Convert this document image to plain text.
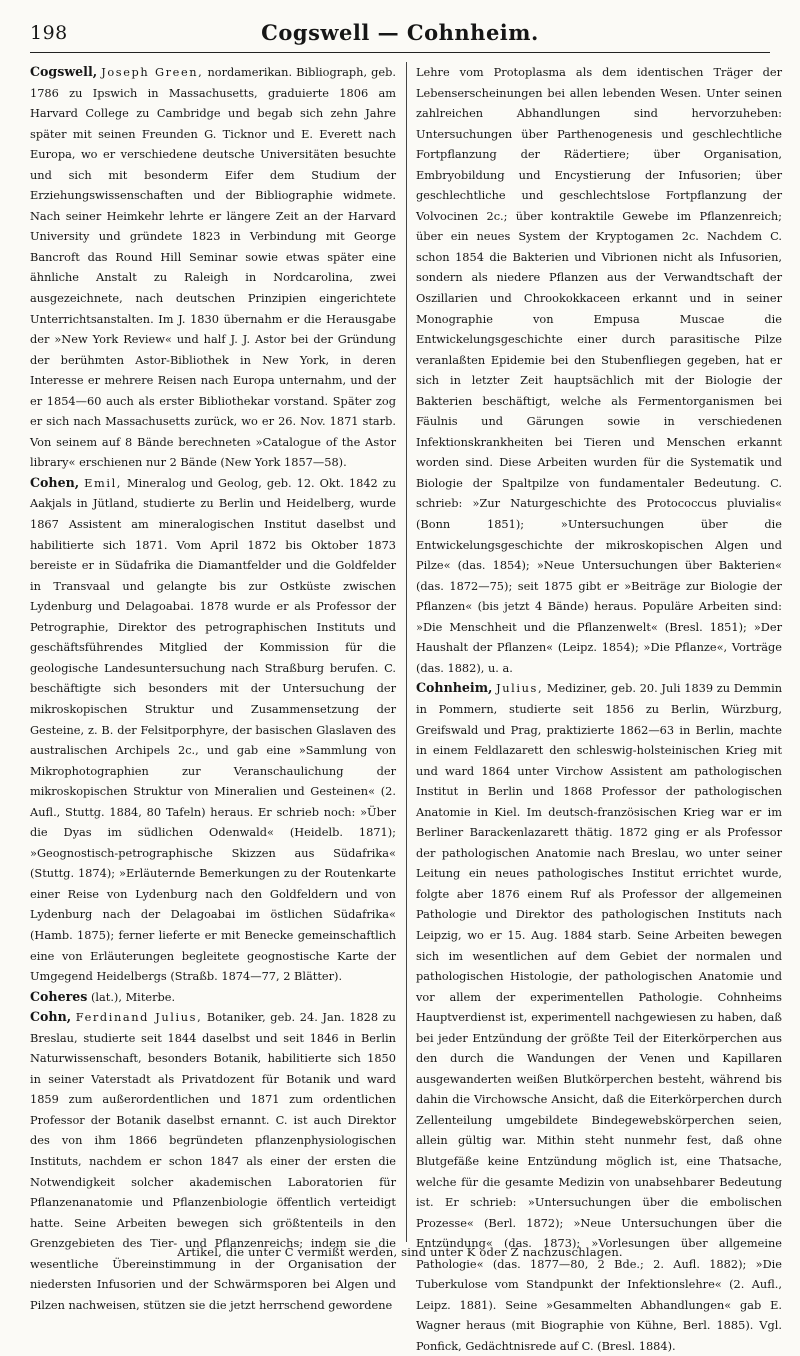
198	Cogswell — Cohnheim.

Cogswell, Joseph Green, nordamerikan. Bibliograph, geb. 1786 zu Ipswich in Massachusetts, graduierte 1806 am Harvard College zu Cambridge und begab sich zehn Jahre später mit seinen Freunden G. Ticknor und E. Everett nach Europa, wo er verschiedene deutsche Universitäten besuchte und sich mit besonderm Eifer dem Studium der Erziehungswissenschaften und der Bibliographie widmete. Nach seiner Heimkehr lehrte er längere Zeit an der Harvard University und gründete 1823 in Verbindung mit George Bancroft das Round Hill Seminar sowie etwas später eine ähnliche Anstalt zu Raleigh in Nordcarolina, zwei ausgezeichnete, nach deutschen Prinzipien eingerichtete Unterrichtsanstalten. Im J. 1830 übernahm er die Herausgabe der »New York Review« und half J. J. Astor bei der Gründung der berühmten Astor-Bibliothek in New York, in deren Interesse er mehrere Reisen nach Europa unternahm, und der er 1854—60 auch als erster Bibliothekar vorstand. Später zog er sich nach Massachusetts zurück, wo er 26. Nov. 1871 starb. Von seinem auf 8 Bände berechneten »Catalogue of the Astor library« erschienen nur 2 Bände (New York 1857—58).

Cohen, Emil, Mineralog und Geolog, geb. 12. Okt. 1842 zu Aakjals in Jütland, studierte zu Berlin und Heidelberg, wurde 1867 Assistent am mineralogischen Institut daselbst und habilitierte sich 1871. Vom April 1872 bis Oktober 1873 bereiste er in Südafrika die Diamantfelder und die Goldfelder in Transvaal und gelangte bis zur Ostküste zwischen Lydenburg und Delagoabai. 1878 wurde er als Professor der Petrographie, Direktor des petrographischen Instituts und geschäftsführendes Mitglied der Kommission für die geologische Landesuntersuchung nach Straßburg berufen. C. beschäftigte sich besonders mit der Untersuchung der mikroskopischen Struktur und Zusammensetzung der Gesteine, z. B. der Felsitporphyre, der basischen Glaslaven des australischen Archipels 2c., und gab eine »Sammlung von Mikrophotographien zur Veranschaulichung der mikroskopischen Struktur von Mineralien und Gesteinen« (2. Aufl., Stuttg. 1884, 80 Tafeln) heraus. Er schrieb noch: »Über die Dyas im südlichen Odenwald« (Heidelb. 1871); »Geognostisch-petrographische Skizzen aus Südafrika« (Stuttg. 1874); »Erläuternde Bemerkungen zu der Routenkarte einer Reise von Lydenburg nach den Goldfeldern und von Lydenburg nach der Delagoabai im östlichen Südafrika« (Hamb. 1875); ferner lieferte er mit Benecke gemeinschaftlich eine von Erläuterungen begleitete geognostische Karte der Umgegend Heidelbergs (Straßb. 1874—77, 2 Blätter).

Coheres (lat.), Miterbe.

Cohn, Ferdinand Julius, Botaniker, geb. 24. Jan. 1828 zu Breslau, studierte seit 1844 daselbst und seit 1846 in Berlin Naturwissenschaft, besonders Botanik, habilitierte sich 1850 in seiner Vaterstadt als Privatdozent für Botanik und ward 1859 zum außerordentlichen und 1871 zum ordentlichen Professor der Botanik daselbst ernannt. C. ist auch Direktor des von ihm 1866 begründeten pflanzenphysiologischen Instituts, nachdem er schon 1847 als einer der ersten die Notwendigkeit solcher akademischen Laboratorien für Pflanzenanatomie und Pflanzenbiologie öffentlich verteidigt hatte. Seine Arbeiten bewegen sich größtenteils in den Grenzgebieten des Tier- und Pflanzenreichs; indem sie die wesentliche Übereinstimmung in der Organisation der niedersten Infusorien und der Schwärmsporen bei Algen und Pilzen nachweisen, stützen sie die jetzt herrschend gewordene

Lehre vom Protoplasma als dem identischen Träger der Lebenserscheinungen bei allen lebenden Wesen. Unter seinen zahlreichen Abhandlungen sind hervorzuheben: Untersuchungen über Parthenogenesis und geschlechtliche Fortpflanzung der Rädertiere; über Organisation, Embryobildung und Encystierung der Infusorien; über geschlechtliche und geschlechtslose Fortpflanzung der Volvocinen 2c.; über kontraktile Gewebe im Pflanzenreich; über ein neues System der Kryptogamen 2c. Nachdem C. schon 1854 die Bakterien und Vibrionen nicht als Infusorien, sondern als niedere Pflanzen aus der Verwandtschaft der Oszillarien und Chrookokkaceen erkannt und in seiner Monographie von Empusa Muscae die Entwickelungsgeschichte einer durch parasitische Pilze veranlaßten Epidemie bei den Stubenfliegen gegeben, hat er sich in letzter Zeit hauptsächlich mit der Biologie der Bakterien beschäftigt, welche als Fermentorganismen bei Fäulnis und Gärungen sowie in verschiedenen Infektionskrankheiten bei Tieren und Menschen erkannt worden sind. Diese Arbeiten wurden für die Systematik und Biologie der Spaltpilze von fundamentaler Bedeutung. C. schrieb: »Zur Naturgeschichte des Protococcus pluvialis« (Bonn 1851); »Untersuchungen über die Entwickelungsgeschichte der mikroskopischen Algen und Pilze« (das. 1854); »Neue Untersuchungen über Bakterien« (das. 1872—75); seit 1875 gibt er »Beiträge zur Biologie der Pflanzen« (bis jetzt 4 Bände) heraus. Populäre Arbeiten sind: »Die Menschheit und die Pflanzenwelt« (Bresl. 1851); »Der Haushalt der Pflanzen« (Leipz. 1854); »Die Pflanze«, Vorträge (das. 1882), u. a.

Cohnheim, Julius, Mediziner, geb. 20. Juli 1839 zu Demmin in Pommern, studierte seit 1856 zu Berlin, Würzburg, Greifswald und Prag, praktizierte 1862—63 in Berlin, machte in einem Feldlazarett den schleswig-holsteinischen Krieg mit und ward 1864 unter Virchow Assistent am pathologischen Institut in Berlin und 1868 Professor der pathologischen Anatomie in Kiel. Im deutsch-französischen Krieg war er im Berliner Barackenlazarett thätig. 1872 ging er als Professor der pathologischen Anatomie nach Breslau, wo unter seiner Leitung ein neues pathologisches Institut errichtet wurde, folgte aber 1876 einem Ruf als Professor der allgemeinen Pathologie und Direktor des pathologischen Instituts nach Leipzig, wo er 15. Aug. 1884 starb. Seine Arbeiten bewegen sich im wesentlichen auf dem Gebiet der normalen und pathologischen Histologie, der pathologischen Anatomie und vor allem der experimentellen Pathologie. Cohnheims Hauptverdienst ist, experimentell nachgewiesen zu haben, daß bei jeder Entzündung der größte Teil der Eiterkörperchen aus den durch die Wandungen der Venen und Kapillaren ausgewanderten weißen Blutkörperchen besteht, während bis dahin die Virchowsche Ansicht, daß die Eiterkörperchen durch Zellenteilung umgebildete Bindegewebskörperchen seien, allein gültig war. Mithin steht nunmehr fest, daß ohne Blutgefäße keine Entzündung möglich ist, eine Thatsache, welche für die gesamte Medizin von unabsehbarer Bedeutung ist. Er schrieb: »Untersuchungen über die embolischen Prozesse« (Berl. 1872); »Neue Untersuchungen über die Entzündung« (das. 1873); »Vorlesungen über allgemeine Pathologie« (das. 1877—80, 2 Bde.; 2. Aufl. 1882); »Die Tuberkulose vom Standpunkt der Infektionslehre« (2. Aufl., Leipz. 1881). Seine »Gesammelten Abhandlungen« gab E. Wagner heraus (mit Biographie von Kühne, Berl. 1885). Vgl. Ponfick, Gedächtnisrede auf C. (Bresl. 1884).

Artikel, die unter C vermißt werden, sind unter K oder Z nachzuschlagen.
